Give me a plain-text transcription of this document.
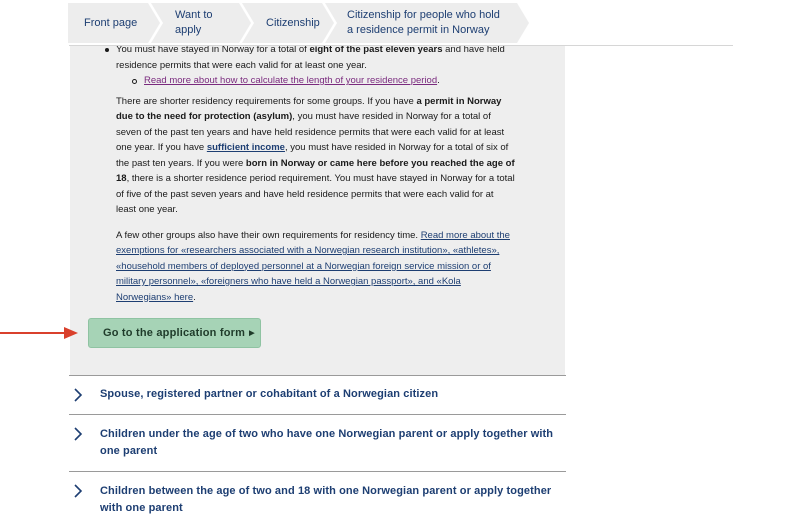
Front page
Want to apply
Citizenship
Citizenship for people who hold a residence permit in Norway
You must have stayed in Norway for a total of eight of the past eleven years and have held residence permits that were each valid for at least one year.
Read more about how to calculate the length of your residence period.

There are shorter residency requirements for some groups. If you have a permit in Norway due to the need for protection (asylum), you must have resided in Norway for a total of seven of the past ten years and have held residence permits that were each valid for at least one year. If you have sufficient income, you must have resided in Norway for a total of six of the past ten years. If you were born in Norway or came here before you reached the age of 18, there is a shorter residence period requirement. You must have stayed in Norway for a total of five of the past seven years and have held residence permits that were each valid for at least one year.

A few other groups also have their own requirements for residency time. Read more about the exemptions for «researchers associated with a Norwegian research institution», «athletes», «household members of deployed personnel at a Norwegian foreign service mission or of military personnel», «foreigners who have held a Norwegian passport», and «Kola Norwegians» here.

Go to the application form ▶
Spouse, registered partner or cohabitant of a Norwegian citizen
Children under the age of two who have one Norwegian parent or apply together with one parent
Children between the age of two and 18 with one Norwegian parent or apply together with one parent
